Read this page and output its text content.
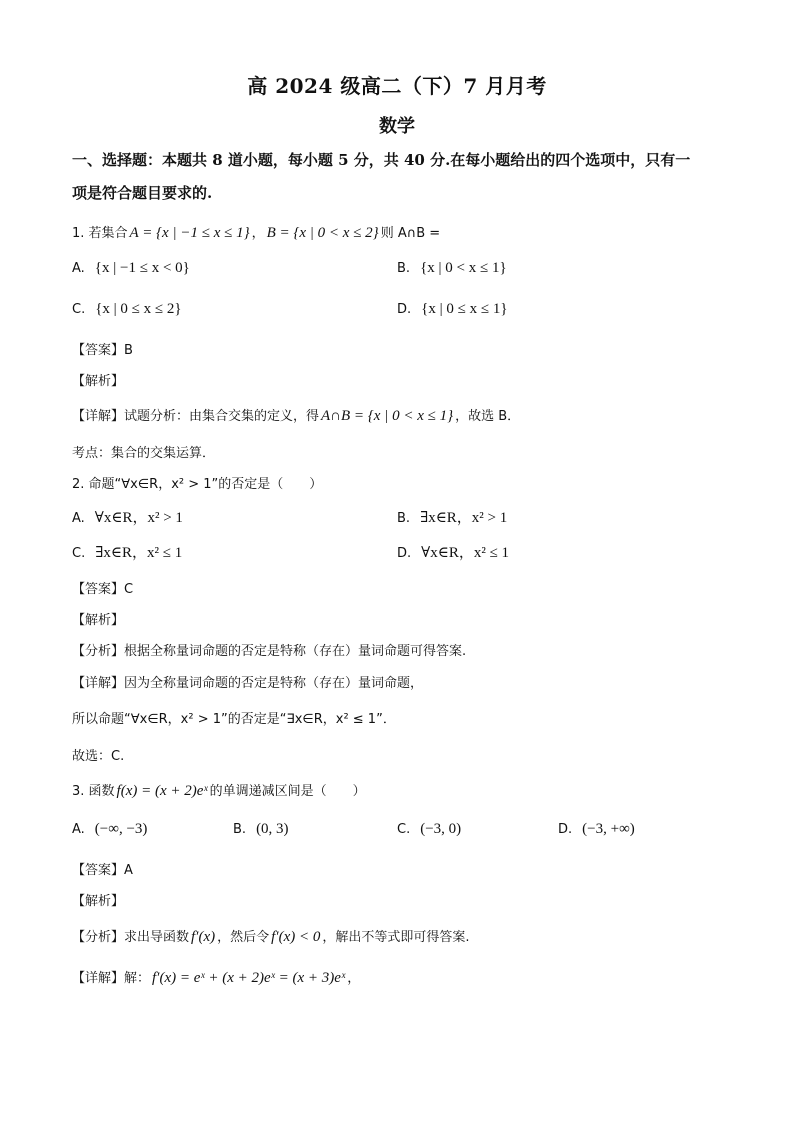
高 2024 级高二（下）7 月月考
数学
一、选择题：本题共 8 道小题，每小题 5 分，共 40 分.在每小题给出的四个选项中，只有一
项是符合题目要求的.
1. 若集合 A = {x | −1 ≤ x ≤ 1} ， B = {x | 0 < x ≤ 2} 则 A∩B =
A. {x | −1 ≤ x < 0}	B. {x | 0 < x ≤ 1}
C. {x | 0 ≤ x ≤ 2}	D. {x | 0 ≤ x ≤ 1}
【答案】B
【解析】
【详解】试题分析：由集合交集的定义，得 A∩B = {x | 0 < x ≤ 1} ，故选 B．
考点：集合的交集运算．
2. 命题“∀x∈R，x² > 1”的否定是（　　）
A. ∀x∈R，x² > 1	B. ∃x∈R，x² > 1
C. ∃x∈R，x² ≤ 1	D. ∀x∈R，x² ≤ 1
【答案】C
【解析】
【分析】根据全称量词命题的否定是特称（存在）量词命题可得答案.
【详解】因为全称量词命题的否定是特称（存在）量词命题，
所以命题“∀x∈R，x² > 1”的否定是“∃x∈R，x² ≤ 1”．
故选：C.
3. 函数 f(x) = (x + 2)eˣ 的单调递减区间是（　　）
A. (−∞, −3)	B. (0, 3)	C. (−3, 0)	D. (−3, +∞)
【答案】A
【解析】
【分析】求出导函数 f′(x) ，然后令 f′(x) < 0 ，解出不等式即可得答案.
【详解】解： f′(x) = eˣ + (x + 2)eˣ = (x + 3)eˣ ，
